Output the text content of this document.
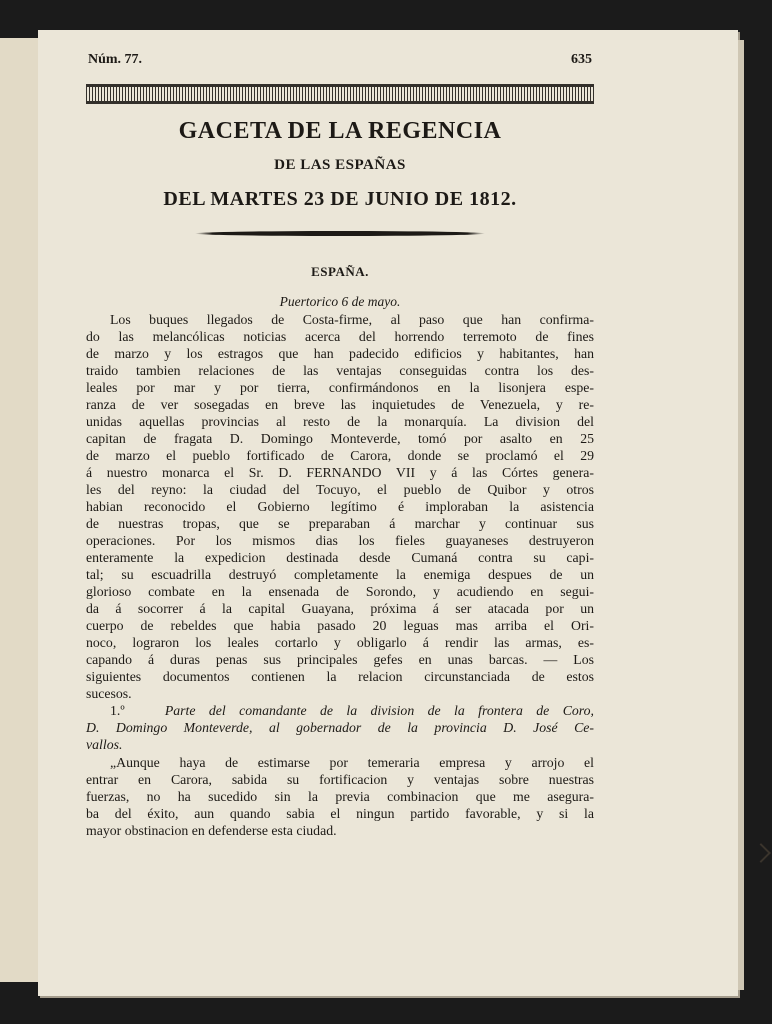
Núm. 77.	635
GACETA DE LA REGENCIA
DE LAS ESPAÑAS
DEL MARTES 23 DE JUNIO DE 1812.
ESPAÑA.
Puertorico 6 de mayo.
Los buques llegados de Costa-firme, al paso que han confirma-
do las melancólicas noticias acerca del horrendo terremoto de fines
de marzo y los estragos que han padecido edificios y habitantes, han
traido tambien relaciones de las ventajas conseguidas contra los des-
leales por mar y por tierra, confirmándonos en la lisonjera espe-
ranza de ver sosegadas en breve las inquietudes de Venezuela, y re-
unidas aquellas provincias al resto de la monarquía. La division del
capitan de fragata D. Domingo Monteverde, tomó por asalto en 25
de marzo el pueblo fortificado de Carora, donde se proclamó el 29
á nuestro monarca el Sr. D. FERNANDO VII y á las Córtes genera-
les del reyno: la ciudad del Tocuyo, el pueblo de Quibor y otros
habian reconocido el Gobierno legítimo é imploraban la asistencia
de nuestras tropas, que se preparaban á marchar y continuar sus
operaciones. Por los mismos dias los fieles guayaneses destruyeron
enteramente la expedicion destinada desde Cumaná contra su capi-
tal; su escuadrilla destruyó completamente la enemiga despues de un
glorioso combate en la ensenada de Sorondo, y acudiendo en segui-
da á socorrer á la capital Guayana, próxima á ser atacada por un
cuerpo de rebeldes que habia pasado 20 leguas mas arriba el Ori-
noco, lograron los leales cortarlo y obligarlo á rendir las armas, es-
capando á duras penas sus principales gefes en unas barcas. — Los
siguientes documentos contienen la relacion circunstanciada de estos
sucesos.
1.º	Parte del comandante de la division de la frontera de Coro,
D. Domingo Monteverde, al gobernador de la provincia D. José Ce-
vallos.
„Aunque haya de estimarse por temeraria empresa y arrojo el
entrar en Carora, sabida su fortificacion y ventajas sobre nuestras
fuerzas, no ha sucedido sin la previa combinacion que me asegura-
ba del éxito, aun quando sabia el ningun partido favorable, y si la
mayor obstinacion en defenderse esta ciudad.
